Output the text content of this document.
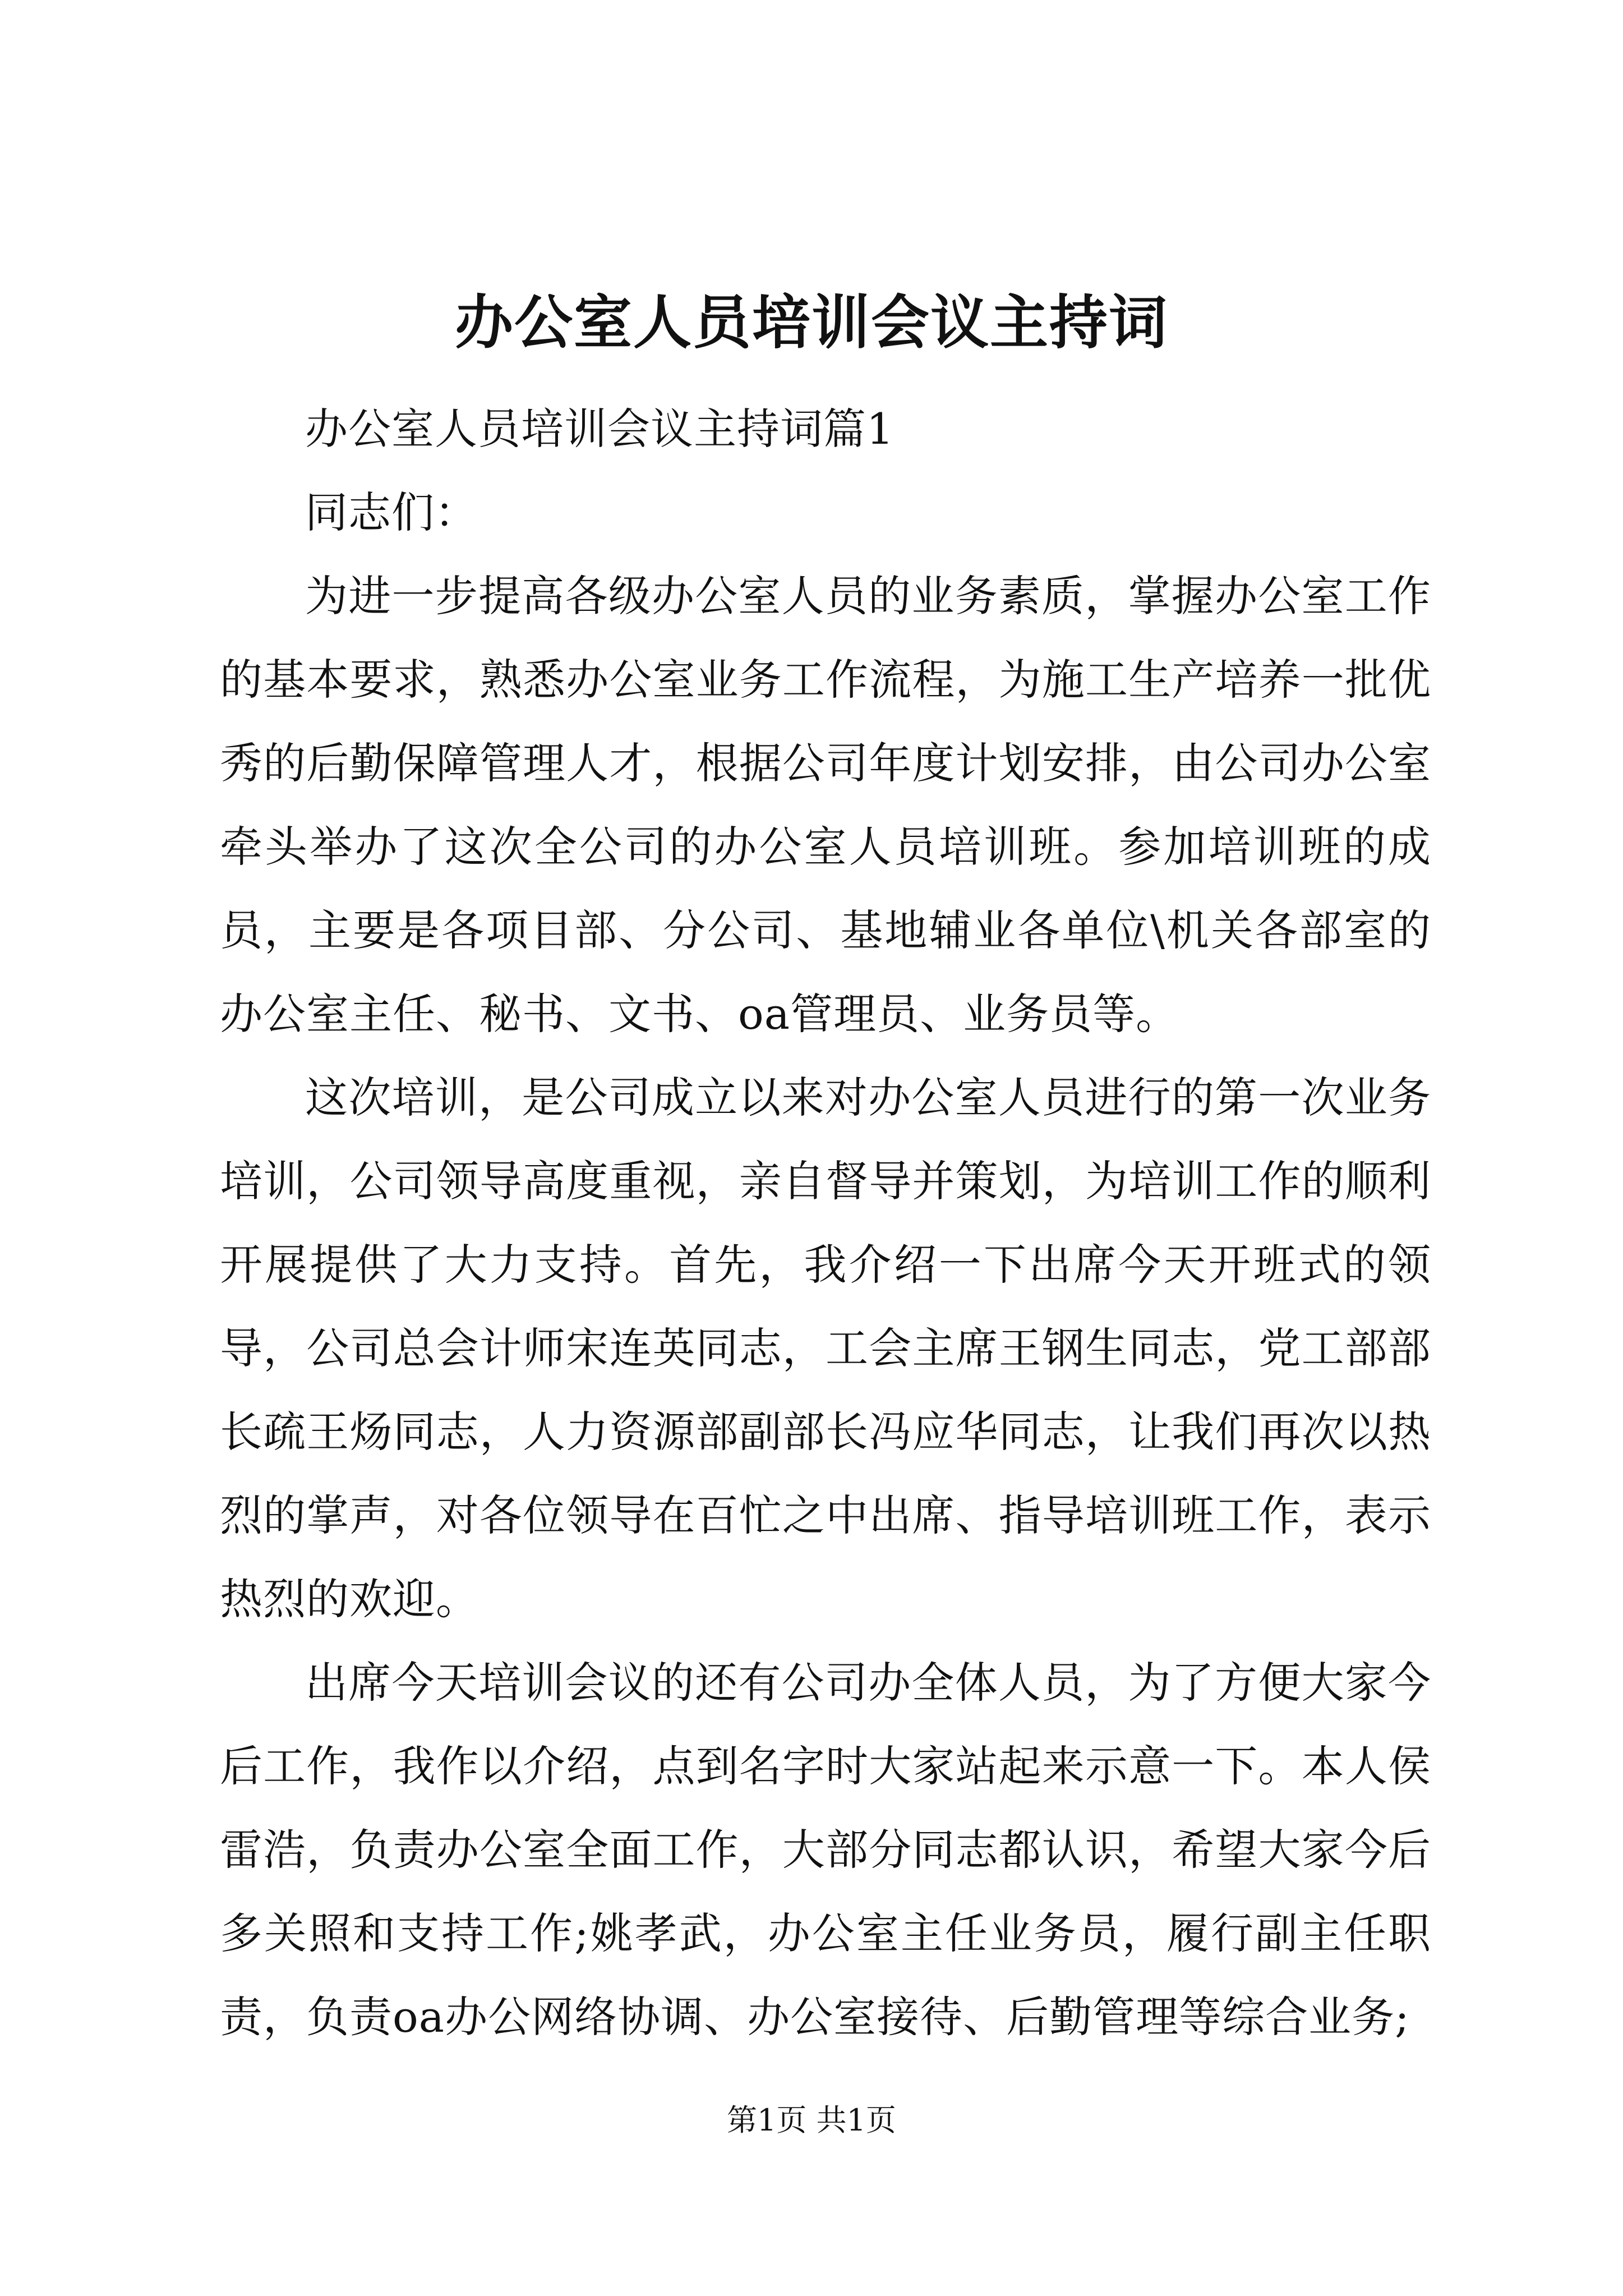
办公室人员培训会议主持词

办公室人员培训会议主持词篇1

同志们：

为进一步提高各级办公室人员的业务素质，掌握办公室工作的基本要求，熟悉办公室业务工作流程，为施工生产培养一批优秀的后勤保障管理人才，根据公司年度计划安排，由公司办公室牵头举办了这次全公司的办公室人员培训班。参加培训班的成员，主要是各项目部、分公司、基地辅业各单位\机关各部室的办公室主任、秘书、文书、oa管理员、业务员等。

这次培训，是公司成立以来对办公室人员进行的第一次业务培训，公司领导高度重视，亲自督导并策划，为培训工作的顺利开展提供了大力支持。首先，我介绍一下出席今天开班式的领导，公司总会计师宋连英同志，工会主席王钢生同志，党工部部长疏王炀同志，人力资源部副部长冯应华同志，让我们再次以热烈的掌声，对各位领导在百忙之中出席、指导培训班工作，表示热烈的欢迎。

出席今天培训会议的还有公司办全体人员，为了方便大家今后工作，我作以介绍，点到名字时大家站起来示意一下。本人侯雷浩，负责办公室全面工作，大部分同志都认识，希望大家今后多关照和支持工作;姚孝武，办公室主任业务员，履行副主任职责，负责oa办公网络协调、办公室接待、后勤管理等综合业务;

第1页 共1页
